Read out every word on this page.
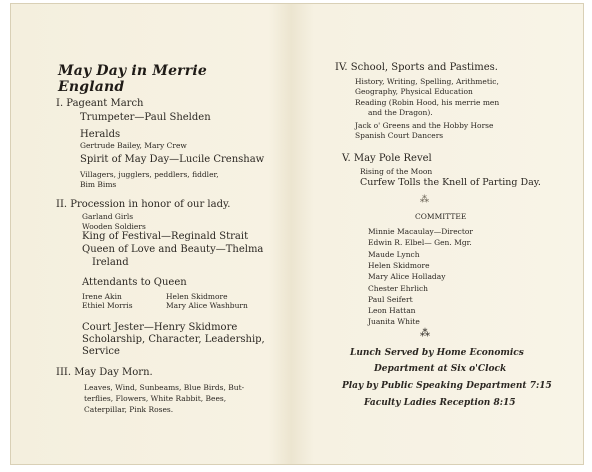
May Day in Merrie England
I. Pageant March
Trumpeter—Paul Shelden
Heralds
Gertrude Bailey, Mary Crew
Spirit of May Day—Lucile Crenshaw
Villagers, jugglers, peddlers, fiddler,
Bim Bims
II. Procession in honor of our lady.
Garland Girls
Wooden Soldiers
King of Festival—Reginald Strait
Queen of Love and Beauty—Thelma
Ireland
Attendants to Queen
Irene Akin	Helen Skidmore
Ethiel Morris	Mary Alice Washburn
Court Jester—Henry Skidmore
Scholarship, Character, Leadership,
Service
III. May Day Morn.
Leaves, Wind, Sunbeams, Blue Birds, But-
terflies, Flowers, White Rabbit, Bees,
Caterpillar, Pink Roses.
IV. School, Sports and Pastimes.
History, Writing, Spelling, Arithmetic,
Geography, Physical Education
Reading (Robin Hood, his merrie men
and the Dragon).
Jack o' Greens and the Hobby Horse
Spanish Court Dancers
V. May Pole Revel
Rising of the Moon
Curfew Tolls the Knell of Parting Day.
⁂
COMMITTEE
Minnie Macaulay—Director
Edwin R. Elbel— Gen. Mgr.
Maude Lynch
Helen Skidmore
Mary Alice Holladay
Chester Ehrlich
Paul Seifert
Leon Hattan
Juanita White
⁂
Lunch Served by Home Economics
Department at Six o'Clock
Play by Public Speaking Department 7:15
Faculty Ladies Reception 8:15
